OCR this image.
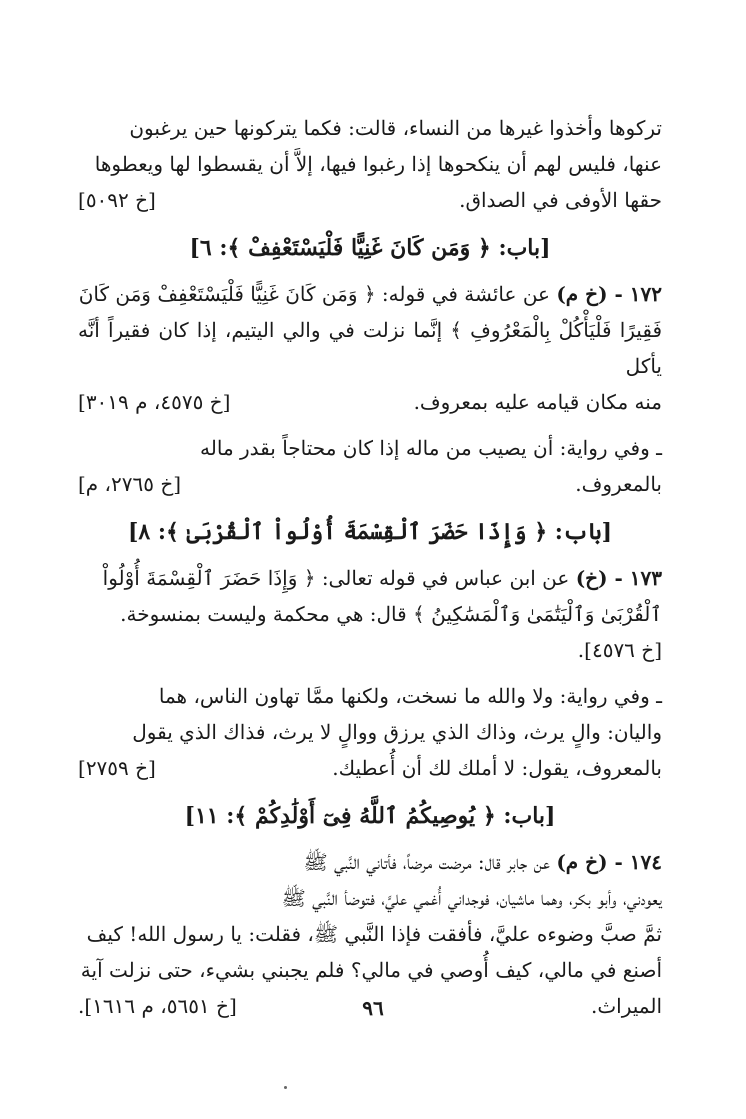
تركوها وأخذوا غيرها من النساء، قالت: فكما يتركونها حين يرغبون

عنها، فليس لهم أن ينكحوها إذا رغبوا فيها، إلاَّ أن يقسطوا لها ويعطوها

حقها الأوفى في الصداق.
[خ ٥٠٩٢]
[باب: ﴿ وَمَن كَانَ غَنِيًّا فَلْيَسْتَعْفِفْ ﴾: ٦]

١٧٢ - (خ م) عن عائشة في قوله: ﴿ وَمَن كَانَ غَنِيًّا فَلْيَسْتَعْفِفْ وَمَن كَانَ

فَقِيرًا فَلْيَأْكُلْ بِالْمَعْرُوفِ ﴾ إنَّما نزلت في والي اليتيم، إذا كان فقيراً أنَّه يأكل

منه مكان قيامه عليه بمعروف.
[خ ٤٥٧٥، م ٣٠١٩]

ـ وفي رواية: أن يصيب من ماله إذا كان محتاجاً بقدر ماله

بالمعروف.
[خ ٢٧٦٥، م]
[باب: ﴿ وَإِذَا حَضَرَ ٱلْقِسْمَةَ أُوْلُواْ ٱلْقُرْبَىٰ ﴾: ٨]

١٧٣ - (خ) عن ابن عباس في قوله تعالى: ﴿ وَإِذَا حَضَرَ ٱلْقِسْمَةَ أُوْلُواْ

ٱلْقُرْبَىٰ وَٱلْيَتَٰمَىٰ وَٱلْمَسَٰكِينُ ﴾ قال: هي محكمة وليست بمنسوخة.

[خ ٤٥٧٦].

ـ وفي رواية: ولا والله ما نسخت، ولكنها ممَّا تهاون الناس، هما

واليان: والٍ يرث، وذاك الذي يرزق ووالٍ لا يرث، فذاك الذي يقول

بالمعروف، يقول: لا أملك لك أن أُعطيك.
[خ ٢٧٥٩]
[باب: ﴿ يُوصِيكُمُ ٱللَّهُ فِىٓ أَوْلَٰدِكُمْ ﴾: ١١]

١٧٤ - (خ م) عن جابر قال: مرضت مرضاً، فأتاني النَّبي ﷺ

يعودني، وأبو بكر، وهما ماشيان، فوجداني أُغمي عليَّ، فتوضأ النَّبي ﷺ

ثمَّ صبَّ وضوءه عليَّ، فأفقت فإذا النَّبي ﷺ، فقلت: يا رسول الله! كيف

أصنع في مالي، كيف أُوصي في مالي؟ فلم يجبني بشيء، حتى نزلت آية

الميراث.
[خ ٥٦٥١، م ١٦١٦].	٩٦
